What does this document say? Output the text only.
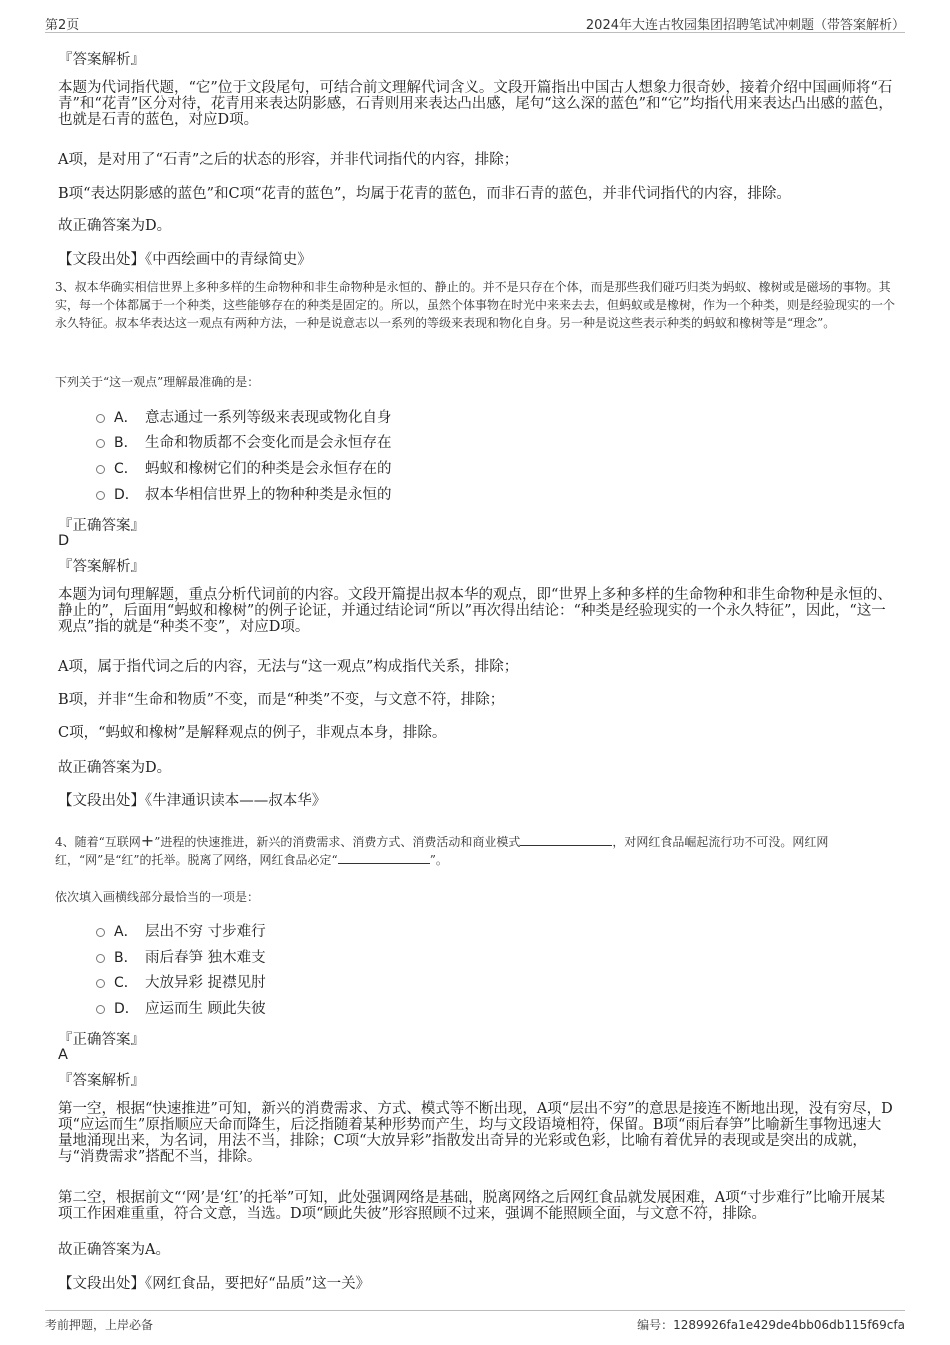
第2页	2024年大连古牧园集团招聘笔试冲刺题（带答案解析）

『答案解析』

本题为代词指代题，“它”位于文段尾句，可结合前文理解代词含义。文段开篇指出中国古人想象力很奇妙，接着介绍中国画师将“石青”和“花青”区分对待，花青用来表达阴影感，石青则用来表达凸出感，尾句“这么深的蓝色”和“它”均指代用来表达凸出感的蓝色，也就是石青的蓝色，对应D项。

A项，是对用了“石青”之后的状态的形容，并非代词指代的内容，排除；

B项“表达阴影感的蓝色”和C项“花青的蓝色”，均属于花青的蓝色，而非石青的蓝色，并非代词指代的内容，排除。

故正确答案为D。

【文段出处】《中西绘画中的青绿简史》

3、叔本华确实相信世界上多种多样的生命物种和非生命物种是永恒的、静止的。并不是只存在个体，而是那些我们碰巧归类为蚂蚁、橡树或是磁场的事物。其实，每一个体都属于一个种类，这些能够存在的种类是固定的。所以，虽然个体事物在时光中来来去去，但蚂蚁或是橡树，作为一个种类，则是经验现实的一个永久特征。叔本华表达这一观点有两种方法，一种是说意志以一系列的等级来表现和物化自身。另一种是说这些表示种类的蚂蚁和橡树等是“理念”。

下列关于“这一观点”理解最准确的是：

A． 意志通过一系列等级来表现或物化自身
B． 生命和物质都不会变化而是会永恒存在
C． 蚂蚁和橡树它们的种类是会永恒存在的
D． 叔本华相信世界上的物种种类是永恒的

『正确答案』

D

『答案解析』

本题为词句理解题，重点分析代词前的内容。文段开篇提出叔本华的观点，即“世界上多种多样的生命物种和非生命物种是永恒的、静止的”，后面用“蚂蚁和橡树”的例子论证，并通过结论词“所以”再次得出结论：“种类是经验现实的一个永久特征”，因此，“这一观点”指的就是“种类不变”，对应D项。

A项，属于指代词之后的内容，无法与“这一观点”构成指代关系，排除；

B项，并非“生命和物质”不变，而是“种类”不变，与文意不符，排除；

C项，“蚂蚁和橡树”是解释观点的例子，非观点本身，排除。

故正确答案为D。

【文段出处】《牛津通识读本——叔本华》

4、随着“互联网+”进程的快速推进，新兴的消费需求、消费方式、消费活动和商业模式	，对网红食品崛起流行功不可没。网红网红，“网”是“红”的托举。脱离了网络，网红食品必定“	”。

依次填入画横线部分最恰当的一项是：

A． 层出不穷 寸步难行
B． 雨后春笋 独木难支
C． 大放异彩 捉襟见肘
D． 应运而生 顾此失彼

『正确答案』

A

『答案解析』

第一空，根据“快速推进”可知，新兴的消费需求、方式、模式等不断出现，A项“层出不穷”的意思是接连不断地出现，没有穷尽，D项“应运而生”原指顺应天命而降生，后泛指随着某种形势而产生，均与文段语境相符，保留。B项“雨后春笋”比喻新生事物迅速大量地涌现出来，为名词，用法不当，排除；C项“大放异彩”指散发出奇异的光彩或色彩，比喻有着优异的表现或是突出的成就，与“消费需求”搭配不当，排除。

第二空，根据前文“‘网’是‘红’的托举”可知，此处强调网络是基础，脱离网络之后网红食品就发展困难，A项“寸步难行”比喻开展某项工作困难重重，符合文意，当选。D项“顾此失彼”形容照顾不过来，强调不能照顾全面，与文意不符，排除。

故正确答案为A。

【文段出处】《网红食品，要把好“品质”这一关》

考前押题，上岸必备	编号：1289926fa1e429de4bb06db115f69cfa
